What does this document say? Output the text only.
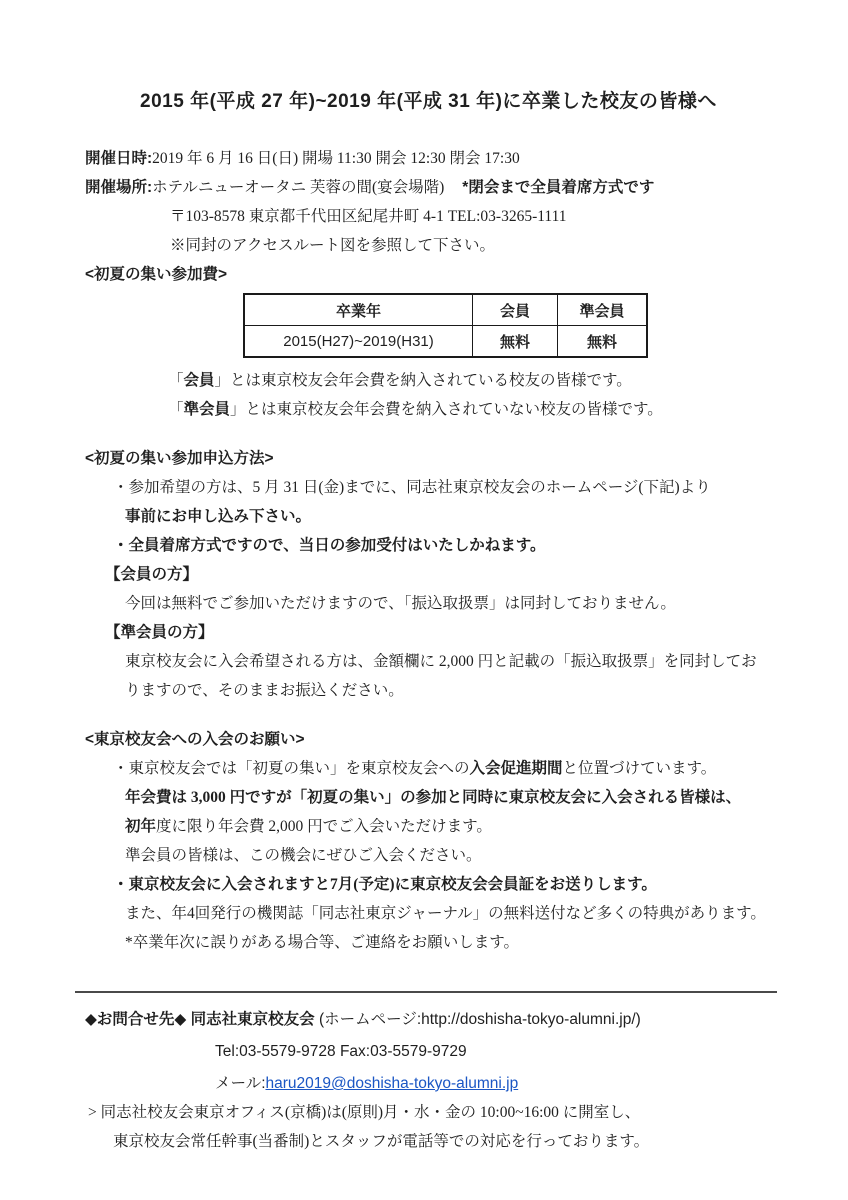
2015 年(平成 27 年)~2019 年(平成 31 年)に卒業した校友の皆様へ
開催日時:2019 年 6 月 16 日(日) 開場 11:30 開会 12:30 閉会 17:30
開催場所:ホテルニューオータニ 芙蓉の間(宴会場階) *閉会まで全員着席方式です
〒103-8578 東京都千代田区紀尾井町 4-1 TEL:03-3265-1111
※同封のアクセスルート図を参照して下さい。
<初夏の集い参加費>
卒業年	会員	準会員
2015(H27)~2019(H31)	無料	無料
「会員」とは東京校友会年会費を納入されている校友の皆様です。
「準会員」とは東京校友会年会費を納入されていない校友の皆様です。
<初夏の集い参加申込方法>
・参加希望の方は、5 月 31 日(金)までに、同志社東京校友会のホームページ(下記)より
事前にお申し込み下さい。
・全員着席方式ですので、当日の参加受付はいたしかねます。
【会員の方】
今回は無料でご参加いただけますので、「振込取扱票」は同封しておりません。
【準会員の方】
東京校友会に入会希望される方は、金額欄に 2,000 円と記載の「振込取扱票」を同封してお
りますので、そのままお振込ください。
<東京校友会への入会のお願い>
・東京校友会では「初夏の集い」を東京校友会への入会促進期間と位置づけています。
年会費は 3,000 円ですが「初夏の集い」の参加と同時に東京校友会に入会される皆様は、
初年度に限り年会費 2,000 円でご入会いただけます。
準会員の皆様は、この機会にぜひご入会ください。
・東京校友会に入会されますと7月(予定)に東京校友会会員証をお送りします。
また、年4回発行の機関誌「同志社東京ジャーナル」の無料送付など多くの特典があります。
*卒業年次に誤りがある場合等、ご連絡をお願いします。
◆お問合せ先◆ 同志社東京校友会 (ホームページ:http://doshisha-tokyo-alumni.jp/)
Tel:03-5579-9728 Fax:03-5579-9729
メール:haru2019@doshisha-tokyo-alumni.jp
> 同志社校友会東京オフィス(京橋)は(原則)月・水・金の 10:00~16:00 に開室し、
東京校友会常任幹事(当番制)とスタッフが電話等での対応を行っております。
